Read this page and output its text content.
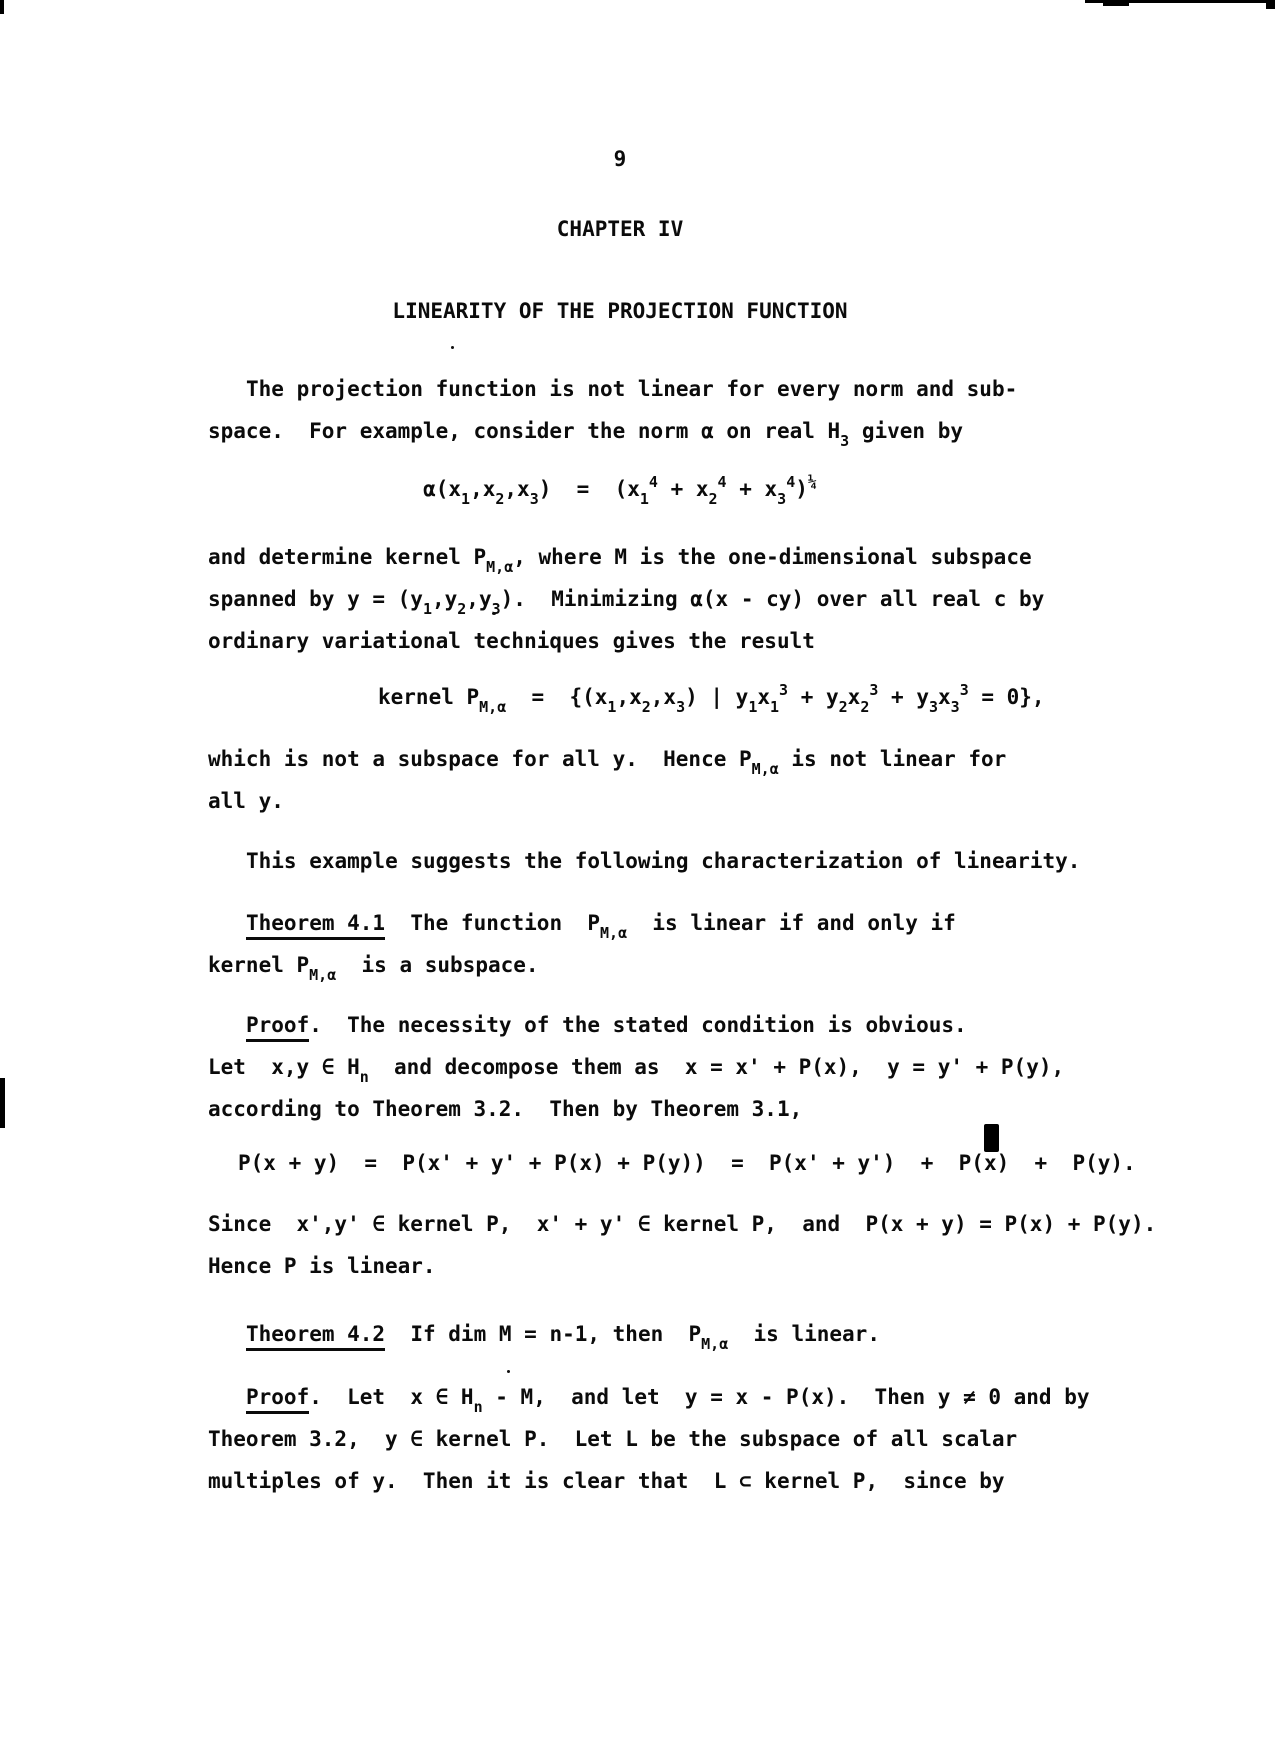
9
CHAPTER IV
LINEARITY OF THE PROJECTION FUNCTION
The projection function is not linear for every norm and sub-
space.  For example, consider the norm α on real $H_3$ given by
$\alpha(x_1,x_2,x_3) = (x_1^4 + x_2^4 + x_3^4)^{\frac{1}{4}}$
and determine kernel $P_{M,\alpha}$, where M is the one-dimensional subspace
spanned by $y = (y_1,y_2,y_3)$.  Minimizing α(x - cy) over all real c by
ordinary variational techniques gives the result
kernel $P_{M,\alpha} = \{(x_1,x_2,x_3)$ | $y_1x_1^3 + y_2x_2^3 + y_3x_3^3 = 0$},
which is not a subspace for all y.  Hence $P_{M,\alpha}$ is not linear for
all y.
This example suggests the following characterization of linearity.
Theorem 4.1  The function  $P_{M,\alpha}$  is linear if and only if
kernel $P_{M,\alpha}$  is a subspace.
Proof.  The necessity of the stated condition is obvious.
Let  x,y ∈ $H_n$  and decompose them as  x = x' + P(x),  y = y' + P(y),
according to Theorem 3.2.  Then by Theorem 3.1,
P(x + y)  =  P(x' + y' + P(x) + P(y))  =  P(x' + y')  +  P(x)  +  P(y).
Since  x',y' ∈ kernel P,  x' + y' ∈ kernel P,  and  P(x + y) = P(x) + P(y).
Hence P is linear.
Theorem 4.2  If dim M = n-1, then  $P_{M,\alpha}$  is linear.
Proof.  Let  x ∈ $H_n$ - M,  and let  y = x - P(x).  Then y ≠ 0 and by
Theorem 3.2,  y ∈ kernel P.  Let L be the subspace of all scalar
multiples of y.  Then it is clear that  L ⊂ kernel P,  since by
